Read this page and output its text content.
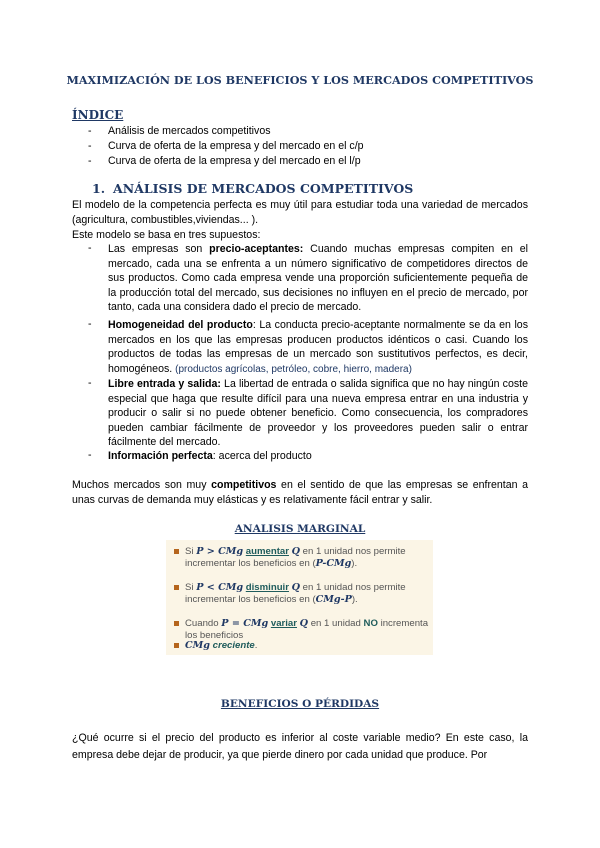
MAXIMIZACIÓN DE LOS BENEFICIOS Y LOS MERCADOS COMPETITIVOS
ÍNDICE
- Análisis de mercados competitivos
- Curva de oferta de la empresa y del mercado en el c/p
- Curva de oferta de la empresa y del mercado en el l/p
1. ANÁLISIS DE MERCADOS COMPETITIVOS
El modelo de la competencia perfecta es muy útil para estudiar toda una variedad de mercados (agricultura, combustibles,viviendas... ).
Este modelo se basa en tres supuestos:
- Las empresas son precio-aceptantes: Cuando muchas empresas compiten en el mercado, cada una se enfrenta a un número significativo de competidores directos de sus productos. Como cada empresa vende una proporción suficientemente pequeña de la producción total del mercado, sus decisiones no influyen en el precio de mercado, por tanto, cada una considera dado el precio de mercado.
- Homogeneidad del producto: La conducta precio-aceptante normalmente se da en los mercados en los que las empresas producen productos idénticos o casi. Cuando los productos de todas las empresas de un mercado son sustitutivos perfectos, es decir, homogéneos. (productos agrícolas, petróleo, cobre, hierro, madera)
- Libre entrada y salida: La libertad de entrada o salida significa que no hay ningún coste especial que haga que resulte difícil para una nueva empresa entrar en una industria y producir o salir si no puede obtener beneficio. Como consecuencia, los compradores pueden cambiar fácilmente de proveedor y los proveedores pueden salir o entrar fácilmente del mercado.
- Información perfecta: acerca del producto
Muchos mercados son muy competitivos en el sentido de que las empresas se enfrentan a unas curvas de demanda muy elásticas y es relativamente fácil entrar y salir.
ANALISIS MARGINAL
Si P > CMg aumentar Q en 1 unidad nos permite incrementar los beneficios en (P-CMg).
Si P < CMg disminuir Q en 1 unidad nos permite incrementar los beneficios en (CMg-P).
Cuando P = CMg variar Q en 1 unidad NO incrementa los beneficios
CMg creciente.
BENEFICIOS O PÉRDIDAS
¿Qué ocurre si el precio del producto es inferior al coste variable medio? En este caso, la empresa debe dejar de producir, ya que pierde dinero por cada unidad que produce. Por
